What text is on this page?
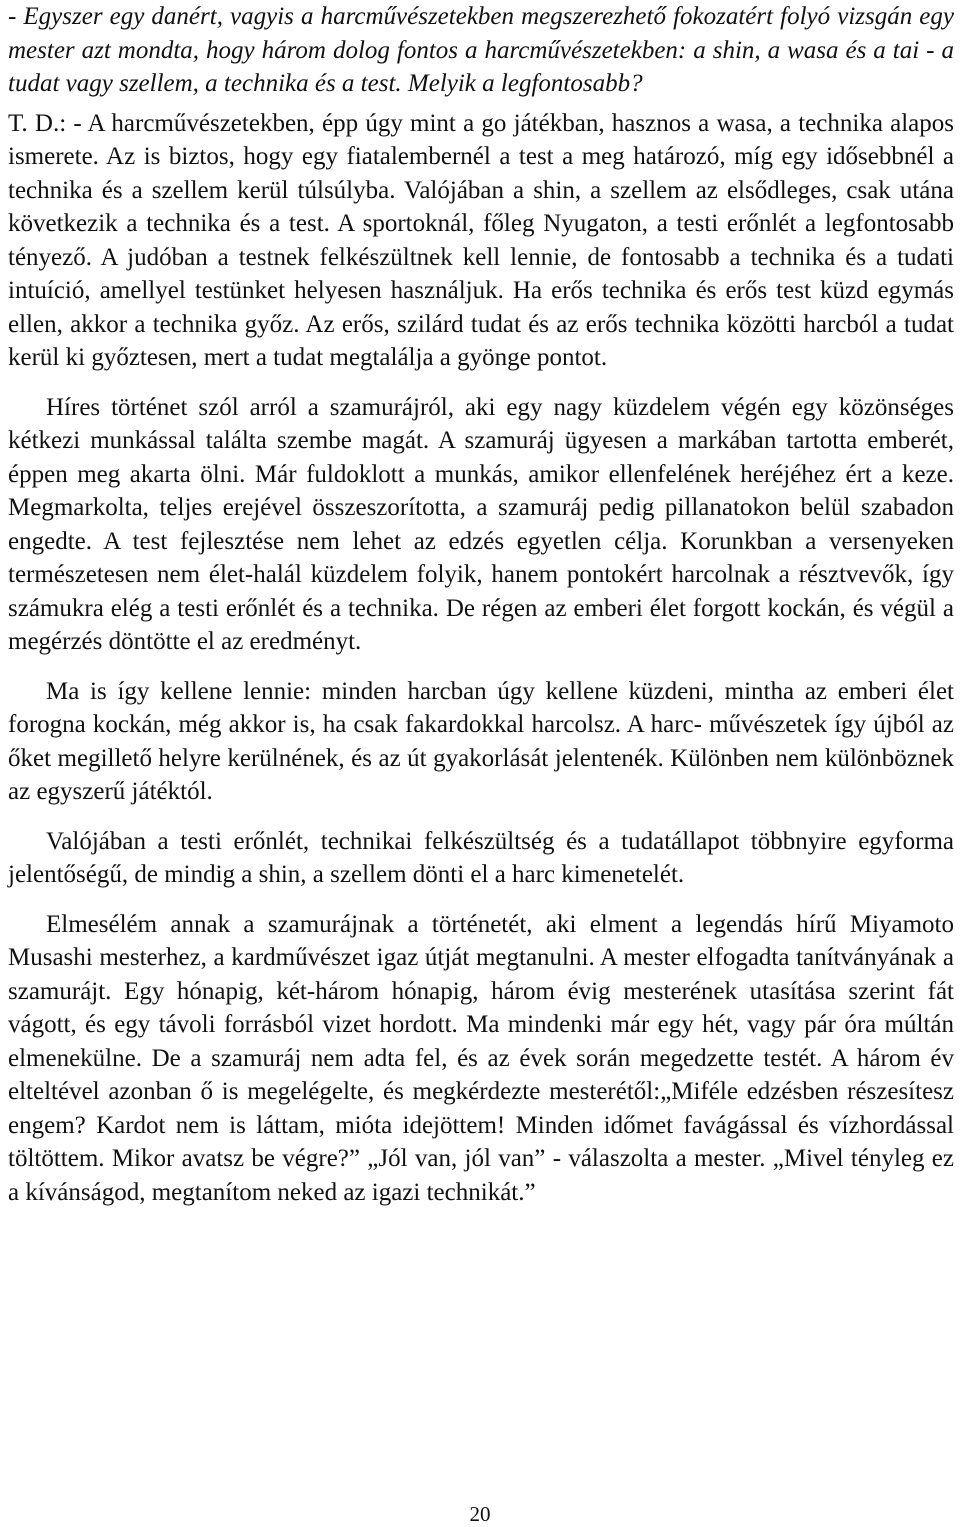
- Egyszer egy danért, vagyis a harcművészetekben megszerezhető fokozatért folyó vizsgán egy mester azt mondta, hogy három dolog fontos a harcművészetekben: a shin, a wasa és a tai - a tudat vagy szellem, a technika és a test. Melyik a legfontosabb?

T. D.: - A harcművészetekben, épp úgy mint a go játékban, hasznos a wasa, a technika alapos ismerete. Az is biztos, hogy egy fiatalembernél a test a meg határozó, míg egy idősebbnél a technika és a szellem kerül túlsúlyba. Valójában a shin, a szellem az elsődleges, csak utána következik a technika és a test. A sportoknál, főleg Nyugaton, a testi erőnlét a legfontosabb tényező. A judóban a testnek felkészültnek kell lennie, de fontosabb a technika és a tudati intuíció, amellyel testünket helyesen használjuk. Ha erős technika és erős test küzd egymás ellen, akkor a technika győz. Az erős, szilárd tudat és az erős technika közötti harcból a tudat kerül ki győztesen, mert a tudat megtalálja a gyönge pontot.

Híres történet szól arról a szamurájról, aki egy nagy küzdelem végén egy közönséges kétkezi munkással találta szembe magát. A szamuráj ügyesen a markában tartotta emberét, éppen meg akarta ölni. Már fuldoklott a munkás, amikor ellenfelének heréjéhez ért a keze. Megmarkolta, teljes erejével összeszorította, a szamuráj pedig pillanatokon belül szabadon engedte. A test fejlesztése nem lehet az edzés egyetlen célja. Korunkban a versenyeken természetesen nem élet-halál küzdelem folyik, hanem pontokért harcolnak a résztvevők, így számukra elég a testi erőnlét és a technika. De régen az emberi élet forgott kockán, és végül a megérzés döntötte el az eredményt.

Ma is így kellene lennie: minden harcban úgy kellene küzdeni, mintha az emberi élet forogna kockán, még akkor is, ha csak fakardokkal harcolsz. A harc- művészetek így újból az őket megillető helyre kerülnének, és az út gyakorlását jelentenék. Különben nem különböznek az egyszerű játéktól.

Valójában a testi erőnlét, technikai felkészültség és a tudatállapot többnyire egyforma jelentőségű, de mindig a shin, a szellem dönti el a harc kimenetelét.

Elmesélém annak a szamurájnak a történetét, aki elment a legendás hírű Miyamoto Musashi mesterhez, a kardművészet igaz útját megtanulni. A mester elfogadta tanítványának a szamurájt. Egy hónapig, két-három hónapig, három évig mesterének utasítása szerint fát vágott, és egy távoli forrásból vizet hordott. Ma mindenki már egy hét, vagy pár óra múltán elmenekülne. De a szamuráj nem adta fel, és az évek során megedzette testét. A három év elteltével azonban ő is megelégelte, és megkérdezte mesterétől:„Miféle edzésben részesítesz engem? Kardot nem is láttam, mióta idejöttem! Minden időmet favágással és vízhordással töltöttem. Mikor avatsz be végre?” „Jól van, jól van” - válaszolta a mester. „Mivel tényleg ez a kívánságod, megtanítom neked az igazi technikát.”

20
